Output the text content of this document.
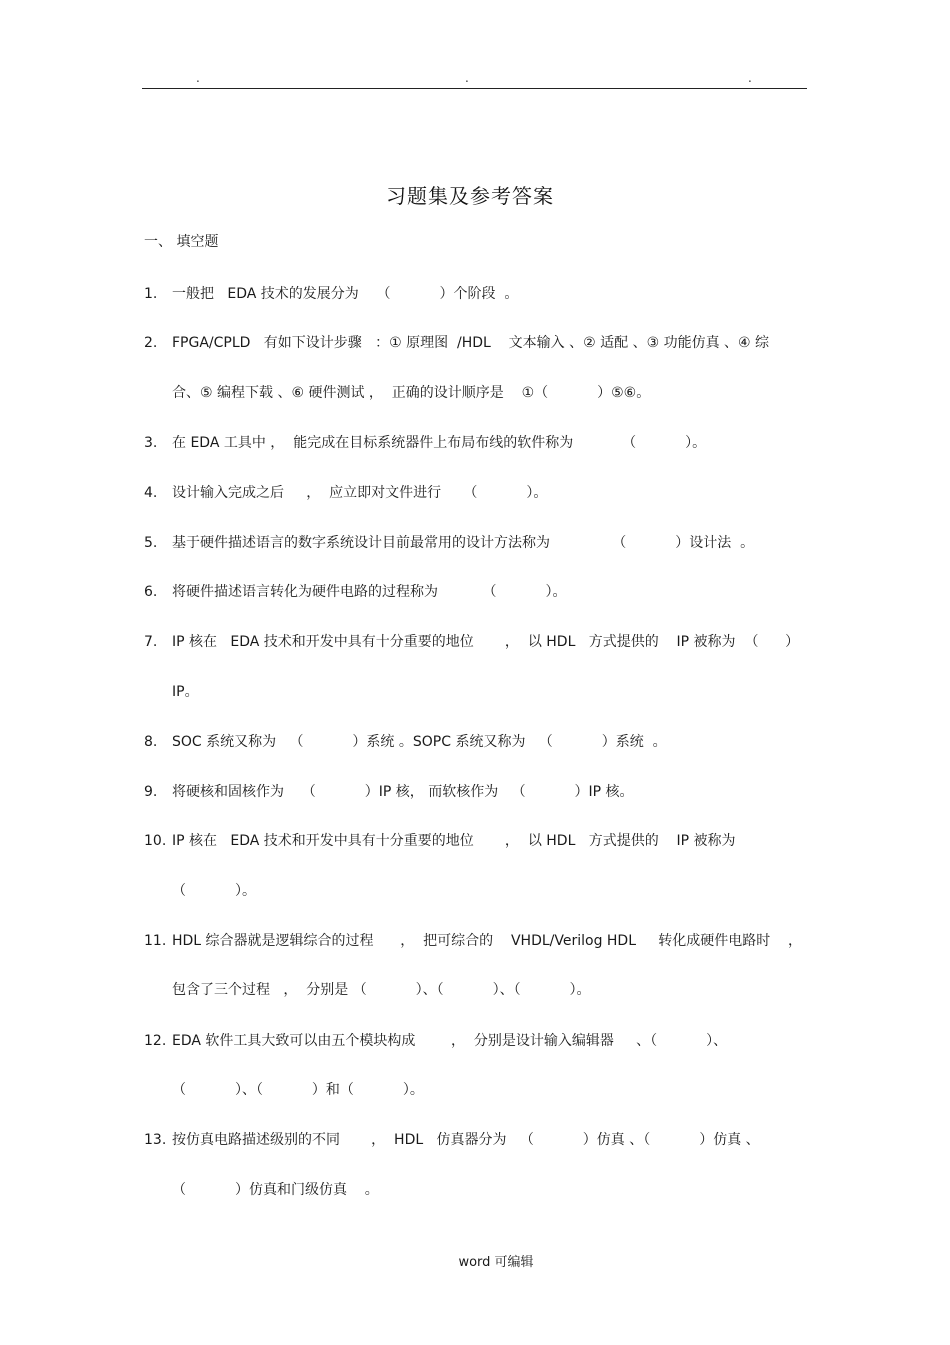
.	.	.
习题集及参考答案
一、 填空题
1. 一般把   EDA 技术的发展分为    （           ）个阶段  。
2. FPGA/CPLD   有如下设计步骤   ：① 原理图  /HDL    文本输入 、② 适配 、③ 功能仿真 、④ 综
合、⑤ 编程下载 、⑥ 硬件测试 ，  正确的设计顺序是    ①（           ）⑤⑥。
3. 在 EDA 工具中 ，  能完成在目标系统器件上布局布线的软件称为           （           ）。
4. 设计输入完成之后     ，  应立即对文件进行     （           ）。
5. 基于硬件描述语言的数字系统设计目前最常用的设计方法称为              （           ）设计法  。
6. 将硬件描述语言转化为硬件电路的过程称为          （           ）。
7. IP 核在   EDA 技术和开发中具有十分重要的地位       ，  以 HDL   方式提供的    IP 被称为  （      ）
IP。
8. SOC 系统又称为   （           ）系统 。SOPC 系统又称为   （           ）系统  。
9. 将硬核和固核作为    （           ）IP 核， 而软核作为   （           ）IP 核。
10. IP 核在   EDA 技术和开发中具有十分重要的地位       ，  以 HDL   方式提供的    IP 被称为
（           ）。
11. HDL 综合器就是逻辑综合的过程      ，  把可综合的    VHDL/Verilog HDL     转化成硬件电路时    ，
包含了三个过程   ，  分别是 （           ）、（           ）、（           ）。
12. EDA 软件工具大致可以由五个模块构成        ，  分别是设计输入编辑器     、（           ）、
（           ）、（           ）和（           ）。
13. 按仿真电路描述级别的不同       ，  HDL   仿真器分为   （           ）仿真 、（           ）仿真 、
（           ）仿真和门级仿真    。
word 可编辑
